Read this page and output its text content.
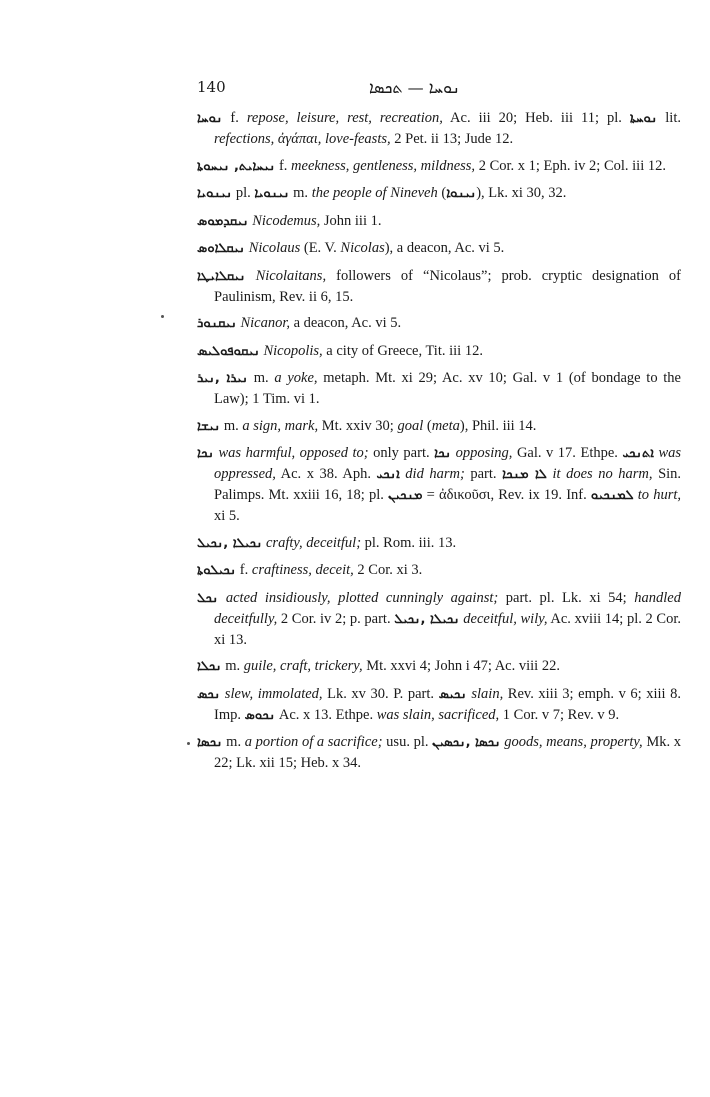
140	ܢܘܚܐ — ܬܟܣܐ

ܢܘܚܐ f. repose, leisure, rest, recreation, Ac. iii 20; Heb. iii 11; pl. ܢܘܚܬܐ lit. refections, ἀγάπαι, love-feasts, 2 Pet. ii 13; Jude 12.

ܢܝܚܐܝܬ, ܢܝܚܘܬܐ f. meekness, gentleness, mildness, 2 Cor. x 1; Eph. iv 2; Col. iii 12.

ܢܝܢܘܝܐ pl. ܢܝܢܘܝܐ m. the people of Nineveh (ܢܝܢܘܐ), Lk. xi 30, 32.

ܢܝܩܕܡܘܣ Nicodemus, John iii 1.

ܢܝܩܠܐܘܣ Nicolaus (E. V. Nicolas), a deacon, Ac. vi 5.

ܢܝܩܠܐܝܛܐ Nicolaitans, followers of “Nicolaus”; prob. cryptic designation of Paulinism, Rev. ii 6, 15.

ܢܝܩܢܘܪ Nicanor, a deacon, Ac. vi 5.

ܢܝܩܘܦܘܠܝܣ Nicopolis, a city of Greece, Tit. iii 12.

ܢܝܪܐ ,ܢܝܪ m. a yoke, metaph. Mt. xi 29; Ac. xv 10; Gal. v 1 (of bondage to the Law); 1 Tim. vi 1.

ܢܝܫܐ m. a sign, mark, Mt. xxiv 30; goal (meta), Phil. iii 14.

ܢܟܐ was harmful, opposed to; only part. ܢܟܐ opposing, Gal. v 17. Ethpe. ܐܬܢܟܝ was oppressed, Ac. x 38. Aph. ܐܢܟܝ did harm; part. ܠܐ ܡܢܟܐ it does no harm, Sin. Palimps. Mt. xxiii 16, 18; pl. ܡܢܟܝܢ = ἀδικοῦσι, Rev. ix 19. Inf. ܠܡܢܟܝܘ to hurt, xi 5.

ܢܟܝܠܐ ,ܢܟܝܠ crafty, deceitful; pl. Rom. iii. 13.

ܢܟܝܠܘܬܐ f. craftiness, deceit, 2 Cor. xi 3.

ܢܟܠ acted insidiously, plotted cunningly against; part. pl. Lk. xi 54; handled deceitfully, 2 Cor. iv 2; p. part. ܢܟܝܠܐ ,ܢܟܝܠ deceitful, wily, Ac. xviii 14; pl. 2 Cor. xi 13.

ܢܟܠܐ m. guile, craft, trickery, Mt. xxvi 4; John i 47; Ac. viii 22.

ܢܟܣ slew, immolated, Lk. xv 30. P. part. ܢܟܝܣ slain, Rev. xiii 3; emph. v 6; xiii 8. Imp. ܢܟܘܣ Ac. x 13. Ethpe. was slain, sacrificed, 1 Cor. v 7; Rev. v 9.

ܢܟܣܐ m. a portion of a sacrifice; usu. pl. ܢܟܣܐ ,ܢܟܣܝܢ goods, means, property, Mk. x 22; Lk. xii 15; Heb. x 34.
